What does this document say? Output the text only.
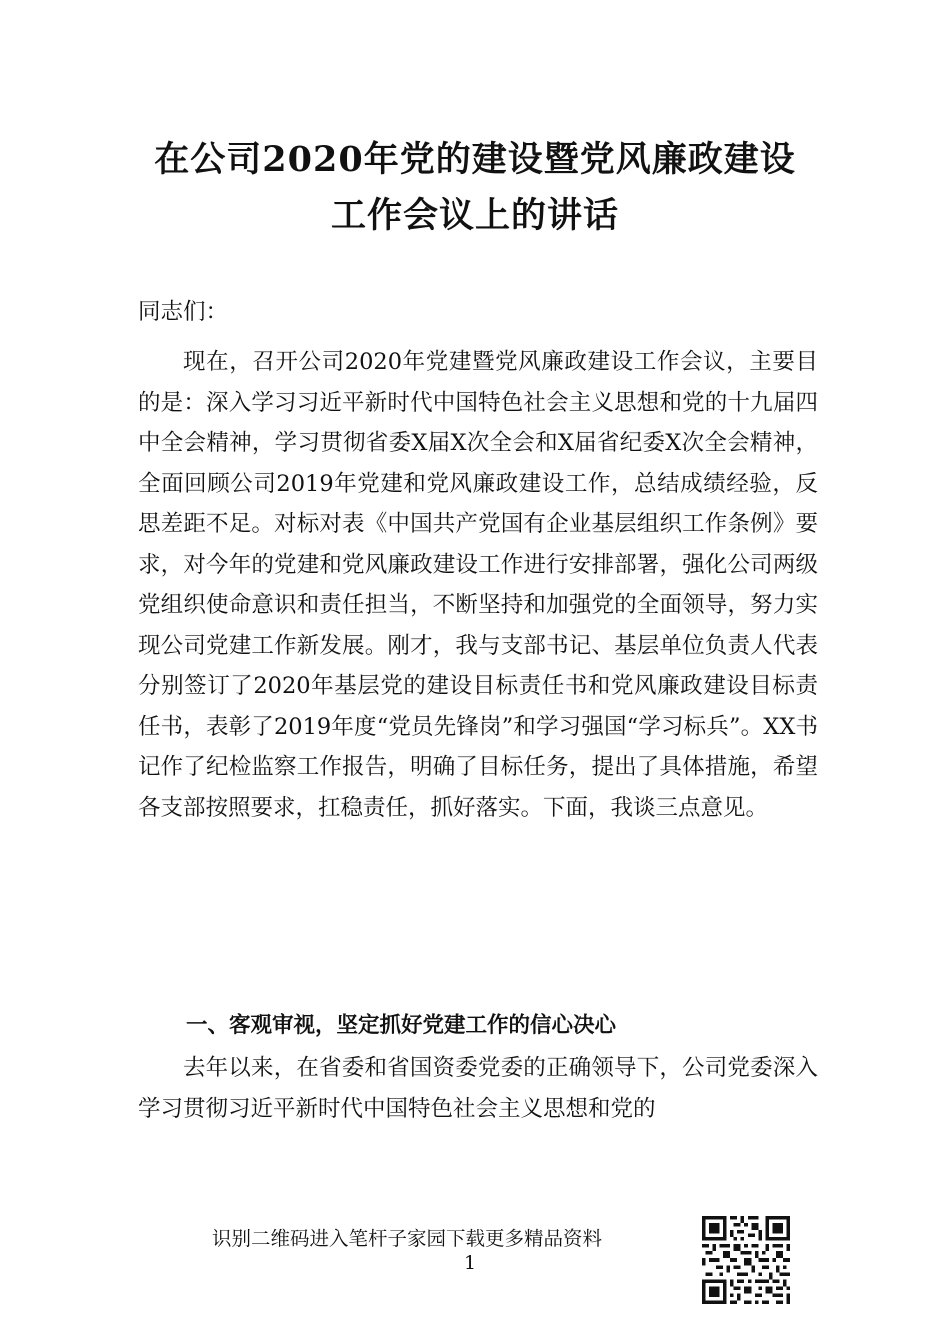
在公司2020年党的建设暨党风廉政建设
工作会议上的讲话
同志们：
现在，召开公司2020年党建暨党风廉政建设工作会议，主要目的是：深入学习习近平新时代中国特色社会主义思想和党的十九届四中全会精神，学习贯彻省委X届X次全会和X届省纪委X次全会精神，全面回顾公司2019年党建和党风廉政建设工作，总结成绩经验，反思差距不足。对标对表《中国共产党国有企业基层组织工作条例》要求，对今年的党建和党风廉政建设工作进行安排部署，强化公司两级党组织使命意识和责任担当，不断坚持和加强党的全面领导，努力实现公司党建工作新发展。刚才，我与支部书记、基层单位负责人代表分别签订了2020年基层党的建设目标责任书和党风廉政建设目标责任书，表彰了2019年度“党员先锋岗”和学习强国“学习标兵”。XX书记作了纪检监察工作报告，明确了目标任务，提出了具体措施，希望各支部按照要求，扛稳责任，抓好落实。下面，我谈三点意见。
一、客观审视，坚定抓好党建工作的信心决心
去年以来，在省委和省国资委党委的正确领导下，公司党委深入学习贯彻习近平新时代中国特色社会主义思想和党的
识别二维码进入笔杆子家园下载更多精品资料
1
